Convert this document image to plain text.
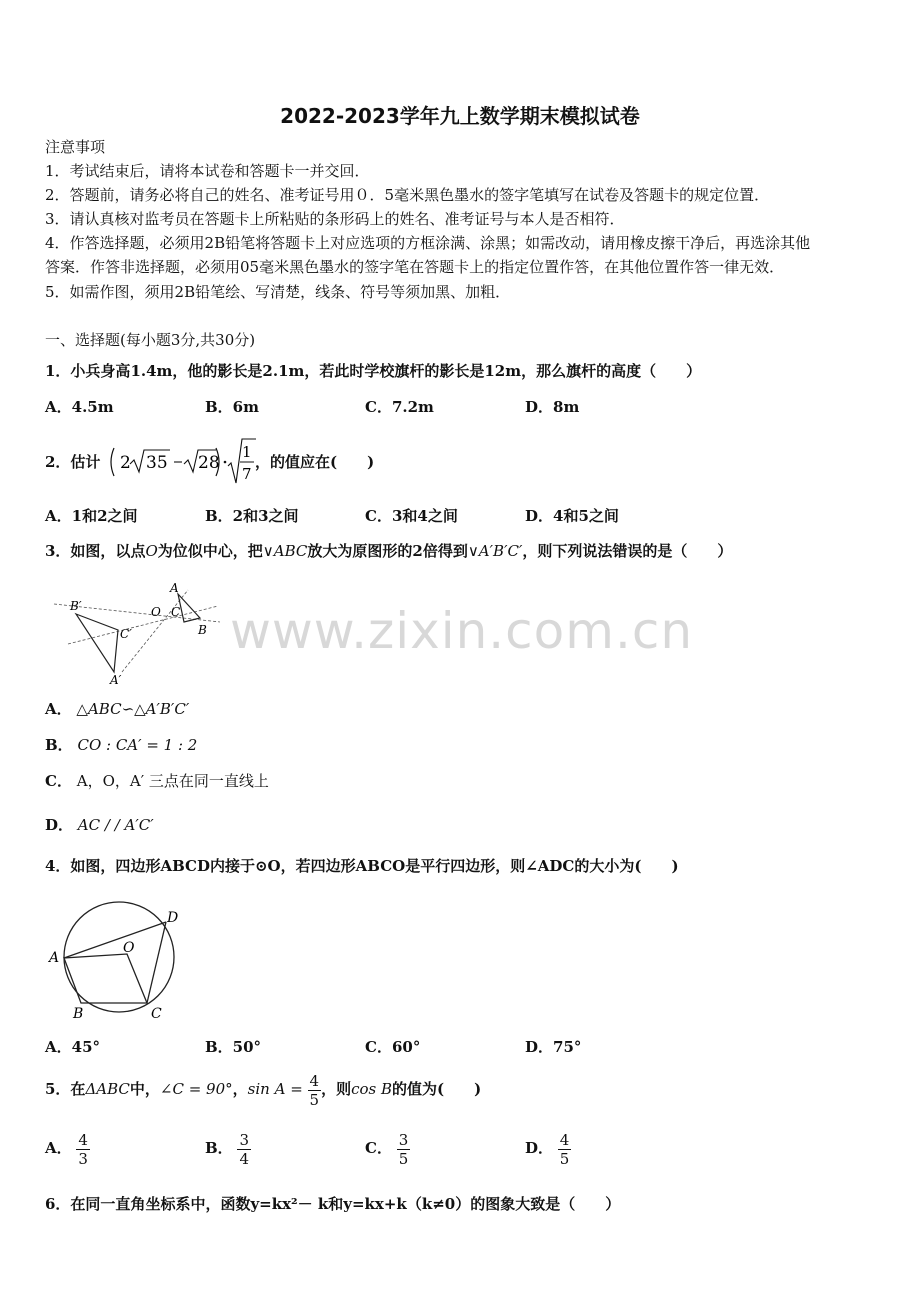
2022-2023学年九上数学期末模拟试卷
注意事项
1．考试结束后，请将本试卷和答题卡一并交回．
2．答题前，请务必将自己的姓名、准考证号用０．5毫米黑色墨水的签字笔填写在试卷及答题卡的规定位置．
3．请认真核对监考员在答题卡上所粘贴的条形码上的姓名、准考证号与本人是否相符．
4．作答选择题，必须用2B铅笔将答题卡上对应选项的方框涂满、涂黑；如需改动，请用橡皮擦干净后，再选涂其他
答案．作答非选择题，必须用05毫米黑色墨水的签字笔在答题卡上的指定位置作答，在其他位置作答一律无效．
5．如需作图，须用2B铅笔绘、写清楚，线条、符号等须加黑、加粗．
一、选择题(每小题3分,共30分)
1．小兵身高1.4m，他的影长是2.1m，若此时学校旗杆的影长是12m，那么旗杆的高度（　　）
A．4.5m	B．6m	C．7.2m	D．8m
2．估计 2 35 28
1
7
，的值应在(　　)
A．1和2之间	B．2和3之间	C．3和4之间	D．4和5之间
3．如图，以点O为位似中心，把∨ABC放大为原图形的2倍得到∨A′B′C′，则下列说法错误的是（　　）
B′	O
A
C
B
C′
A′
www.zixin.com.cn
A． △ABC∽△A′B′C′
B． CO : CA′ = 1 : 2
C． A，O，A′ 三点在同一直线上
D． AC / / A′C′
4．如图，四边形ABCD内接于⊙O，若四边形ABCO是平行四边形，则∠ADC的大小为(　　)
A
B	C
D
O
A．45°	B．50°	C．60°	D．75°
5．在ΔABC中，∠C = 90°，$\sin A = \frac{4}{5}$ ，则cos B的值为(　　)
A． $\frac{4}{3}$	B． $\frac{3}{4}$	C． $\frac{3}{5}$	D． $\frac{4}{5}$
6．在同一直角坐标系中，函数y=kx²－ k和y=kx+k（k≠0）的图象大致是（　　）
